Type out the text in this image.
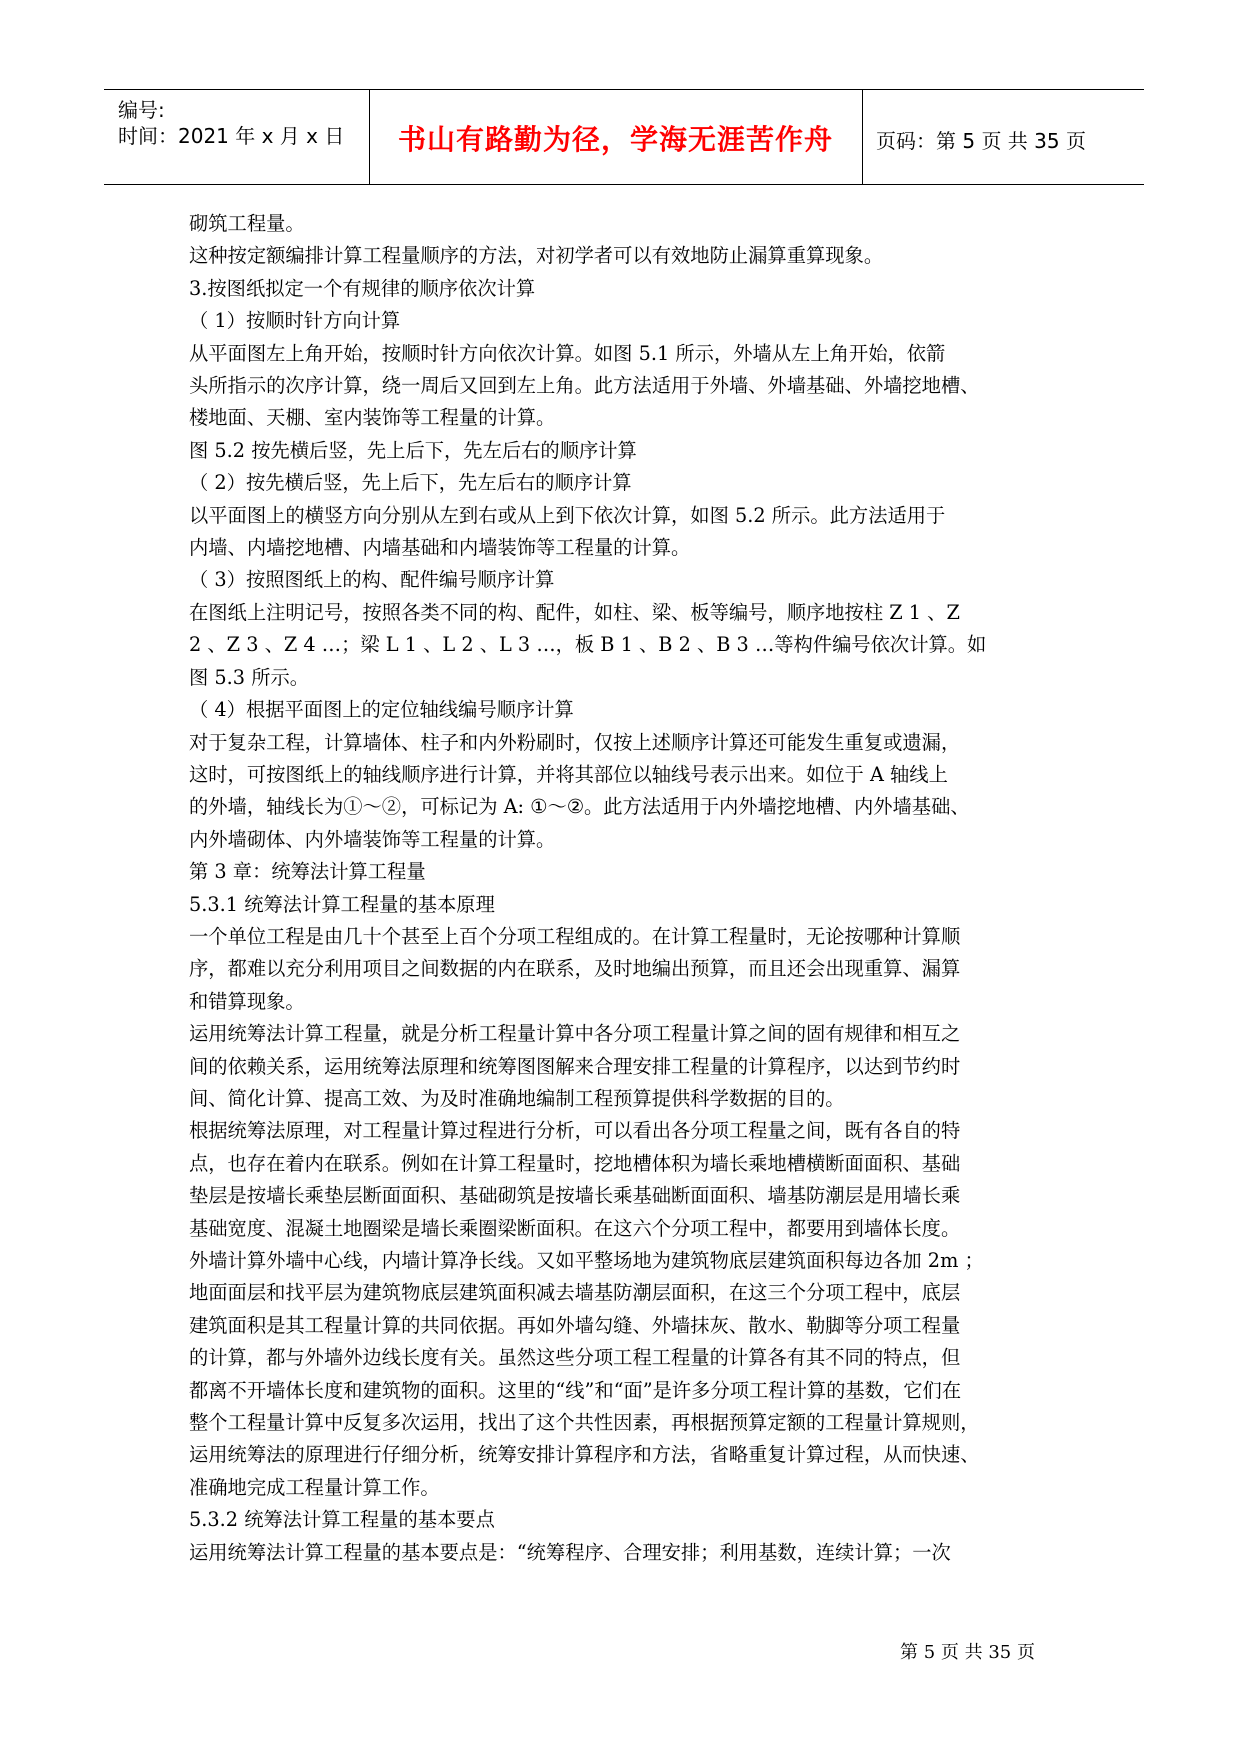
编号:
时间：2021 年 x 月 x 日	书山有路勤为径，学海无涯苦作舟	页码：第 5 页 共 35 页

砌筑工程量。

这种按定额编排计算工程量顺序的方法，对初学者可以有效地防止漏算重算现象。

3.按图纸拟定一个有规律的顺序依次计算

（ 1）按顺时针方向计算

从平面图左上角开始，按顺时针方向依次计算。如图 5.1 所示，外墙从左上角开始，依箭

头所指示的次序计算，绕一周后又回到左上角。此方法适用于外墙、外墙基础、外墙挖地槽、

楼地面、天棚、室内装饰等工程量的计算。

图 5.2 按先横后竖，先上后下，先左后右的顺序计算

（ 2）按先横后竖，先上后下，先左后右的顺序计算

以平面图上的横竖方向分别从左到右或从上到下依次计算，如图 5.2 所示。此方法适用于

内墙、内墙挖地槽、内墙基础和内墙装饰等工程量的计算。

（ 3）按照图纸上的构、配件编号顺序计算

在图纸上注明记号，按照各类不同的构、配件，如柱、梁、板等编号，顺序地按柱 Z 1 、Z

2 、Z 3 、Z 4 …；梁 L 1 、L 2 、L 3 …，板 B 1 、B 2 、B 3 …等构件编号依次计算。如

图 5.3 所示。

（ 4）根据平面图上的定位轴线编号顺序计算

对于复杂工程，计算墙体、柱子和内外粉刷时，仅按上述顺序计算还可能发生重复或遗漏，

这时，可按图纸上的轴线顺序进行计算，并将其部位以轴线号表示出来。如位于 A 轴线上

的外墙，轴线长为①～②，可标记为 A: ①～②。此方法适用于内外墙挖地槽、内外墙基础、

内外墙砌体、内外墙装饰等工程量的计算。

第 3 章：统筹法计算工程量

5.3.1 统筹法计算工程量的基本原理

一个单位工程是由几十个甚至上百个分项工程组成的。在计算工程量时，无论按哪种计算顺

序，都难以充分利用项目之间数据的内在联系，及时地编出预算，而且还会出现重算、漏算

和错算现象。

运用统筹法计算工程量，就是分析工程量计算中各分项工程量计算之间的固有规律和相互之

间的依赖关系，运用统筹法原理和统筹图图解来合理安排工程量的计算程序，以达到节约时

间、简化计算、提高工效、为及时准确地编制工程预算提供科学数据的目的。

根据统筹法原理，对工程量计算过程进行分析，可以看出各分项工程量之间，既有各自的特

点，也存在着内在联系。例如在计算工程量时，挖地槽体积为墙长乘地槽横断面面积、基础

垫层是按墙长乘垫层断面面积、基础砌筑是按墙长乘基础断面面积、墙基防潮层是用墙长乘

基础宽度、混凝土地圈梁是墙长乘圈梁断面积。在这六个分项工程中，都要用到墙体长度。

外墙计算外墙中心线，内墙计算净长线。又如平整场地为建筑物底层建筑面积每边各加 2m ；

地面面层和找平层为建筑物底层建筑面积减去墙基防潮层面积，在这三个分项工程中，底层

建筑面积是其工程量计算的共同依据。再如外墙勾缝、外墙抹灰、散水、勒脚等分项工程量

的计算，都与外墙外边线长度有关。虽然这些分项工程工程量的计算各有其不同的特点，但

都离不开墙体长度和建筑物的面积。这里的“线”和“面”是许多分项工程计算的基数，它们在

整个工程量计算中反复多次运用，找出了这个共性因素，再根据预算定额的工程量计算规则，

运用统筹法的原理进行仔细分析，统筹安排计算程序和方法，省略重复计算过程，从而快速、

准确地完成工程量计算工作。

5.3.2 统筹法计算工程量的基本要点

运用统筹法计算工程量的基本要点是：“统筹程序、合理安排；利用基数，连续计算；一次

第 5 页 共 35 页
